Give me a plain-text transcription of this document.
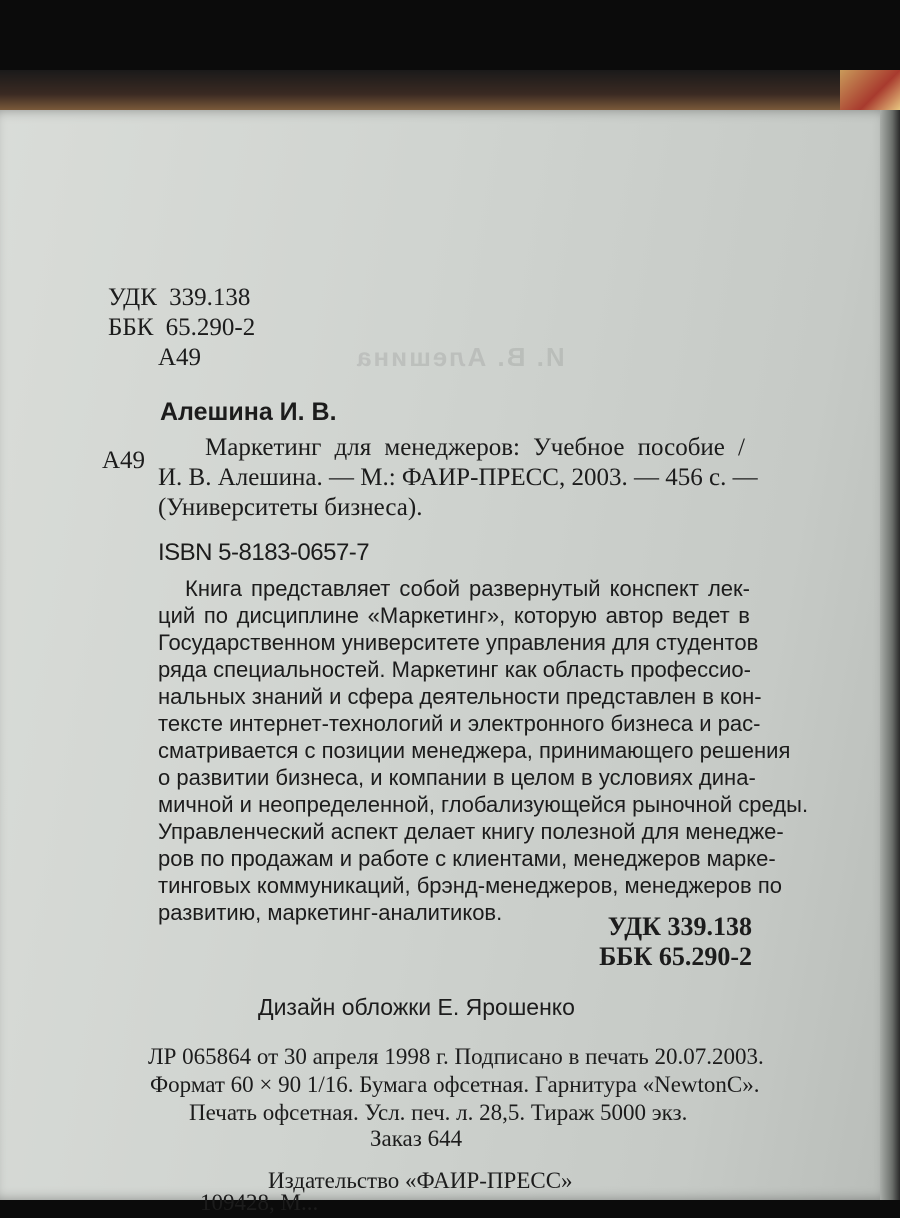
И. В. Алешина
УДК 339.138
ББК 65.290-2
А49
Алешина И. В.
А49 Маркетинг для менеджеров: Учебное пособие /
И. В. Алешина. — М.: ФАИР-ПРЕСС, 2003. — 456 с. —
(Университеты бизнеса).
ISBN 5-8183-0657-7
Книга представляет собой развернутый конспект лек-
ций по дисциплине «Маркетинг», которую автор ведет в
Государственном университете управления для студентов
ряда специальностей. Маркетинг как область профессио-
нальных знаний и сфера деятельности представлен в кон-
тексте интернет-технологий и электронного бизнеса и рас-
сматривается с позиции менеджера, принимающего решения
о развитии бизнеса, и компании в целом в условиях дина-
мичной и неопределенной, глобализующейся рыночной среды.
Управленческий аспект делает книгу полезной для менедже-
ров по продажам и работе с клиентами, менеджеров марке-
тинговых коммуникаций, брэнд-менеджеров, менеджеров по
развитию, маркетинг-аналитиков.	УДК 339.138
ББК 65.290-2
Дизайн обложки Е. Ярошенко
ЛР 065864 от 30 апреля 1998 г. Подписано в печать 20.07.2003.
Формат 60 × 90 1/16. Бумага офсетная. Гарнитура «NewtonC».
Печать офсетная. Усл. печ. л. 28,5. Тираж 5000 экз.
Заказ 644
Издательство «ФАИР-ПРЕСС»
109428, М...
